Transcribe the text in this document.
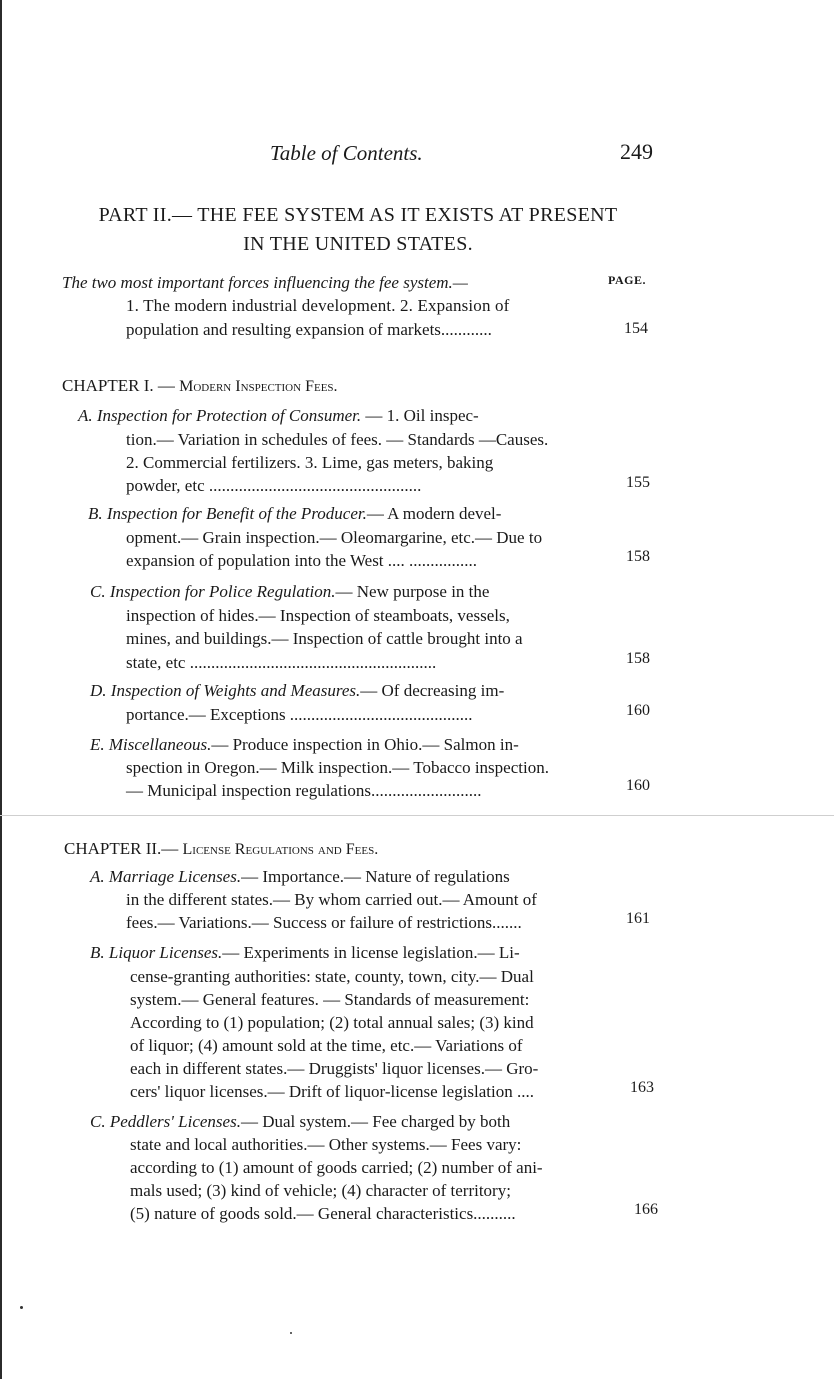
Table of Contents.	249
PART II.— THE FEE SYSTEM AS IT EXISTS AT PRESENT
IN THE UNITED STATES.
The two most important forces influencing the fee system.—	PAGE.
1. The modern industrial development. 2. Expansion of
population and resulting expansion of markets............	154
CHAPTER I. — Modern Inspection Fees.
A. Inspection for Protection of Consumer. — 1. Oil inspec-
tion.— Variation in schedules of fees. — Standards —Causes.
2. Commercial fertilizers. 3. Lime, gas meters, baking
powder, etc ..................................................	155
B. Inspection for Benefit of the Producer.— A modern devel-
opment.— Grain inspection.— Oleomargarine, etc.— Due to
expansion of population into the West .... ................	158
C. Inspection for Police Regulation.— New purpose in the
inspection of hides.— Inspection of steamboats, vessels,
mines, and buildings.— Inspection of cattle brought into a
state, etc ..........................................................	158
D. Inspection of Weights and Measures.— Of decreasing im-
portance.— Exceptions ...........................................	160
E. Miscellaneous.— Produce inspection in Ohio.— Salmon in-
spection in Oregon.— Milk inspection.— Tobacco inspection.
— Municipal inspection regulations..........................	160
CHAPTER II.— License Regulations and Fees.
A. Marriage Licenses.— Importance.— Nature of regulations
in the different states.— By whom carried out.— Amount of
fees.— Variations.— Success or failure of restrictions.......	161
B. Liquor Licenses.— Experiments in license legislation.— Li-
cense-granting authorities: state, county, town, city.— Dual
system.— General features. — Standards of measurement:
According to (1) population; (2) total annual sales; (3) kind
of liquor; (4) amount sold at the time, etc.— Variations of
each in different states.— Druggists' liquor licenses.— Gro-
cers' liquor licenses.— Drift of liquor-license legislation ....	163
C. Peddlers' Licenses.— Dual system.— Fee charged by both
state and local authorities.— Other systems.— Fees vary:
according to (1) amount of goods carried; (2) number of ani-
mals used; (3) kind of vehicle; (4) character of territory;
(5) nature of goods sold.— General characteristics..........	166
